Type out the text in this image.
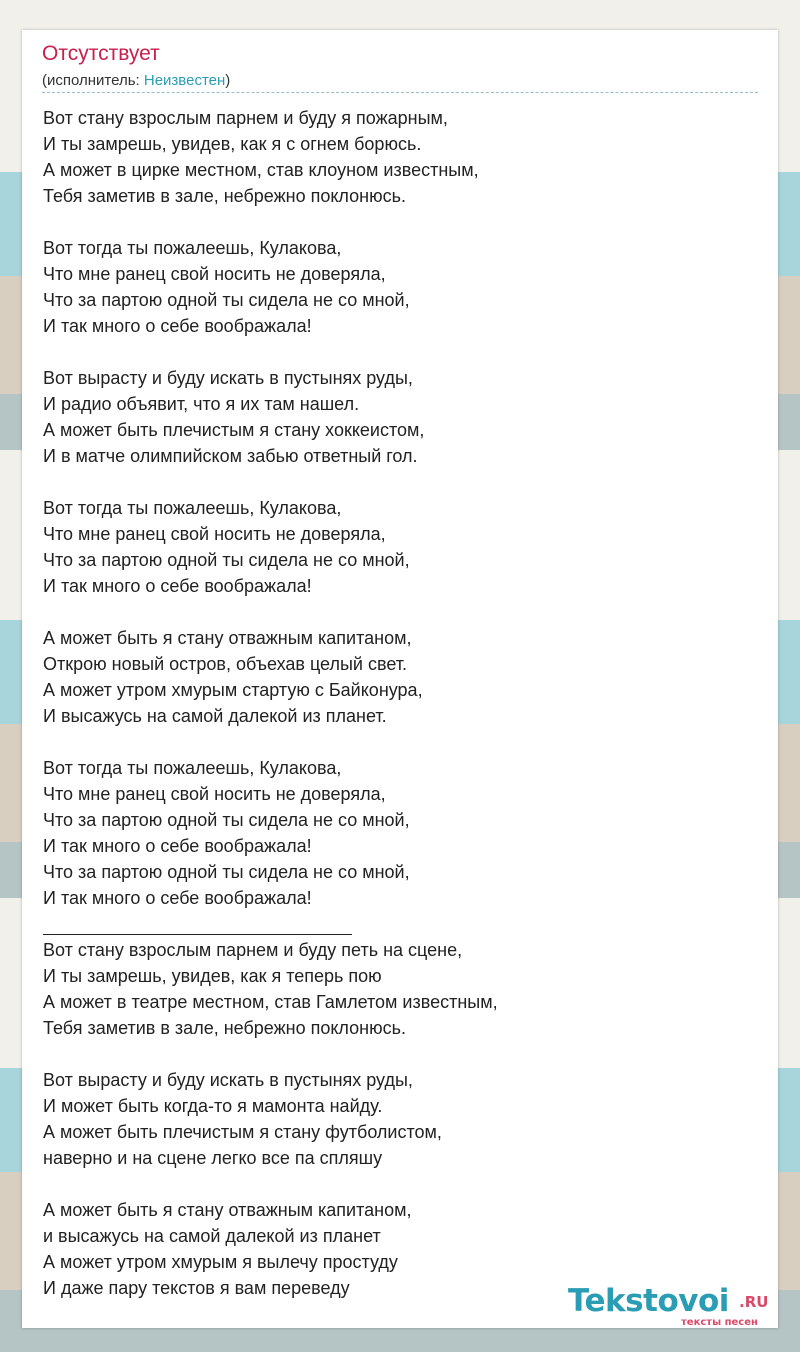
Отсутствует
(исполнитель: Неизвестен)
Вот стану взрослым парнем и буду я пожарным,
И ты замрешь, увидев, как я с огнем борюсь.
А может в цирке местном, став клоуном известным,
Тебя заметив в зале, небрежно поклонюсь.
Вот тогда ты пожалеешь, Кулакова,
Что мне ранец свой носить не доверяла,
Что за партою одной ты сидела не со мной,
И так много о себе воображала!
Вот вырасту и буду искать в пустынях руды,
И радио объявит, что я их там нашел.
А может быть плечистым я стану хоккеистом,
И в матче олимпийском забью ответный гол.
Вот тогда ты пожалеешь, Кулакова,
Что мне ранец свой носить не доверяла,
Что за партою одной ты сидела не со мной,
И так много о себе воображала!
А может быть я стану отважным капитаном,
Открою новый остров, объехав целый свет.
А может утром хмурым стартую с Байконура,
И высажусь на самой далекой из планет.
Вот тогда ты пожалеешь, Кулакова,
Что мне ранец свой носить не доверяла,
Что за партою одной ты сидела не со мной,
И так много о себе воображала!
Что за партою одной ты сидела не со мной,
И так много о себе воображала!
Вот стану взрослым парнем и буду петь на сцене,
И ты замрешь, увидев, как я теперь пою
А может в театре местном, став Гамлетом известным,
Тебя заметив в зале, небрежно поклонюсь.
Вот вырасту и буду искать в пустынях руды,
И может быть когда-то я мамонта найду.
А может быть плечистым я стану футболистом,
наверно и на сцене легко все па спляшу
А может быть я стану отважным капитаном,
и высажусь на самой далекой из планет
А может утром хмурым я вылечу простуду
И даже пару текстов я вам переведу	Tekstovoi .RU
тексты песен
